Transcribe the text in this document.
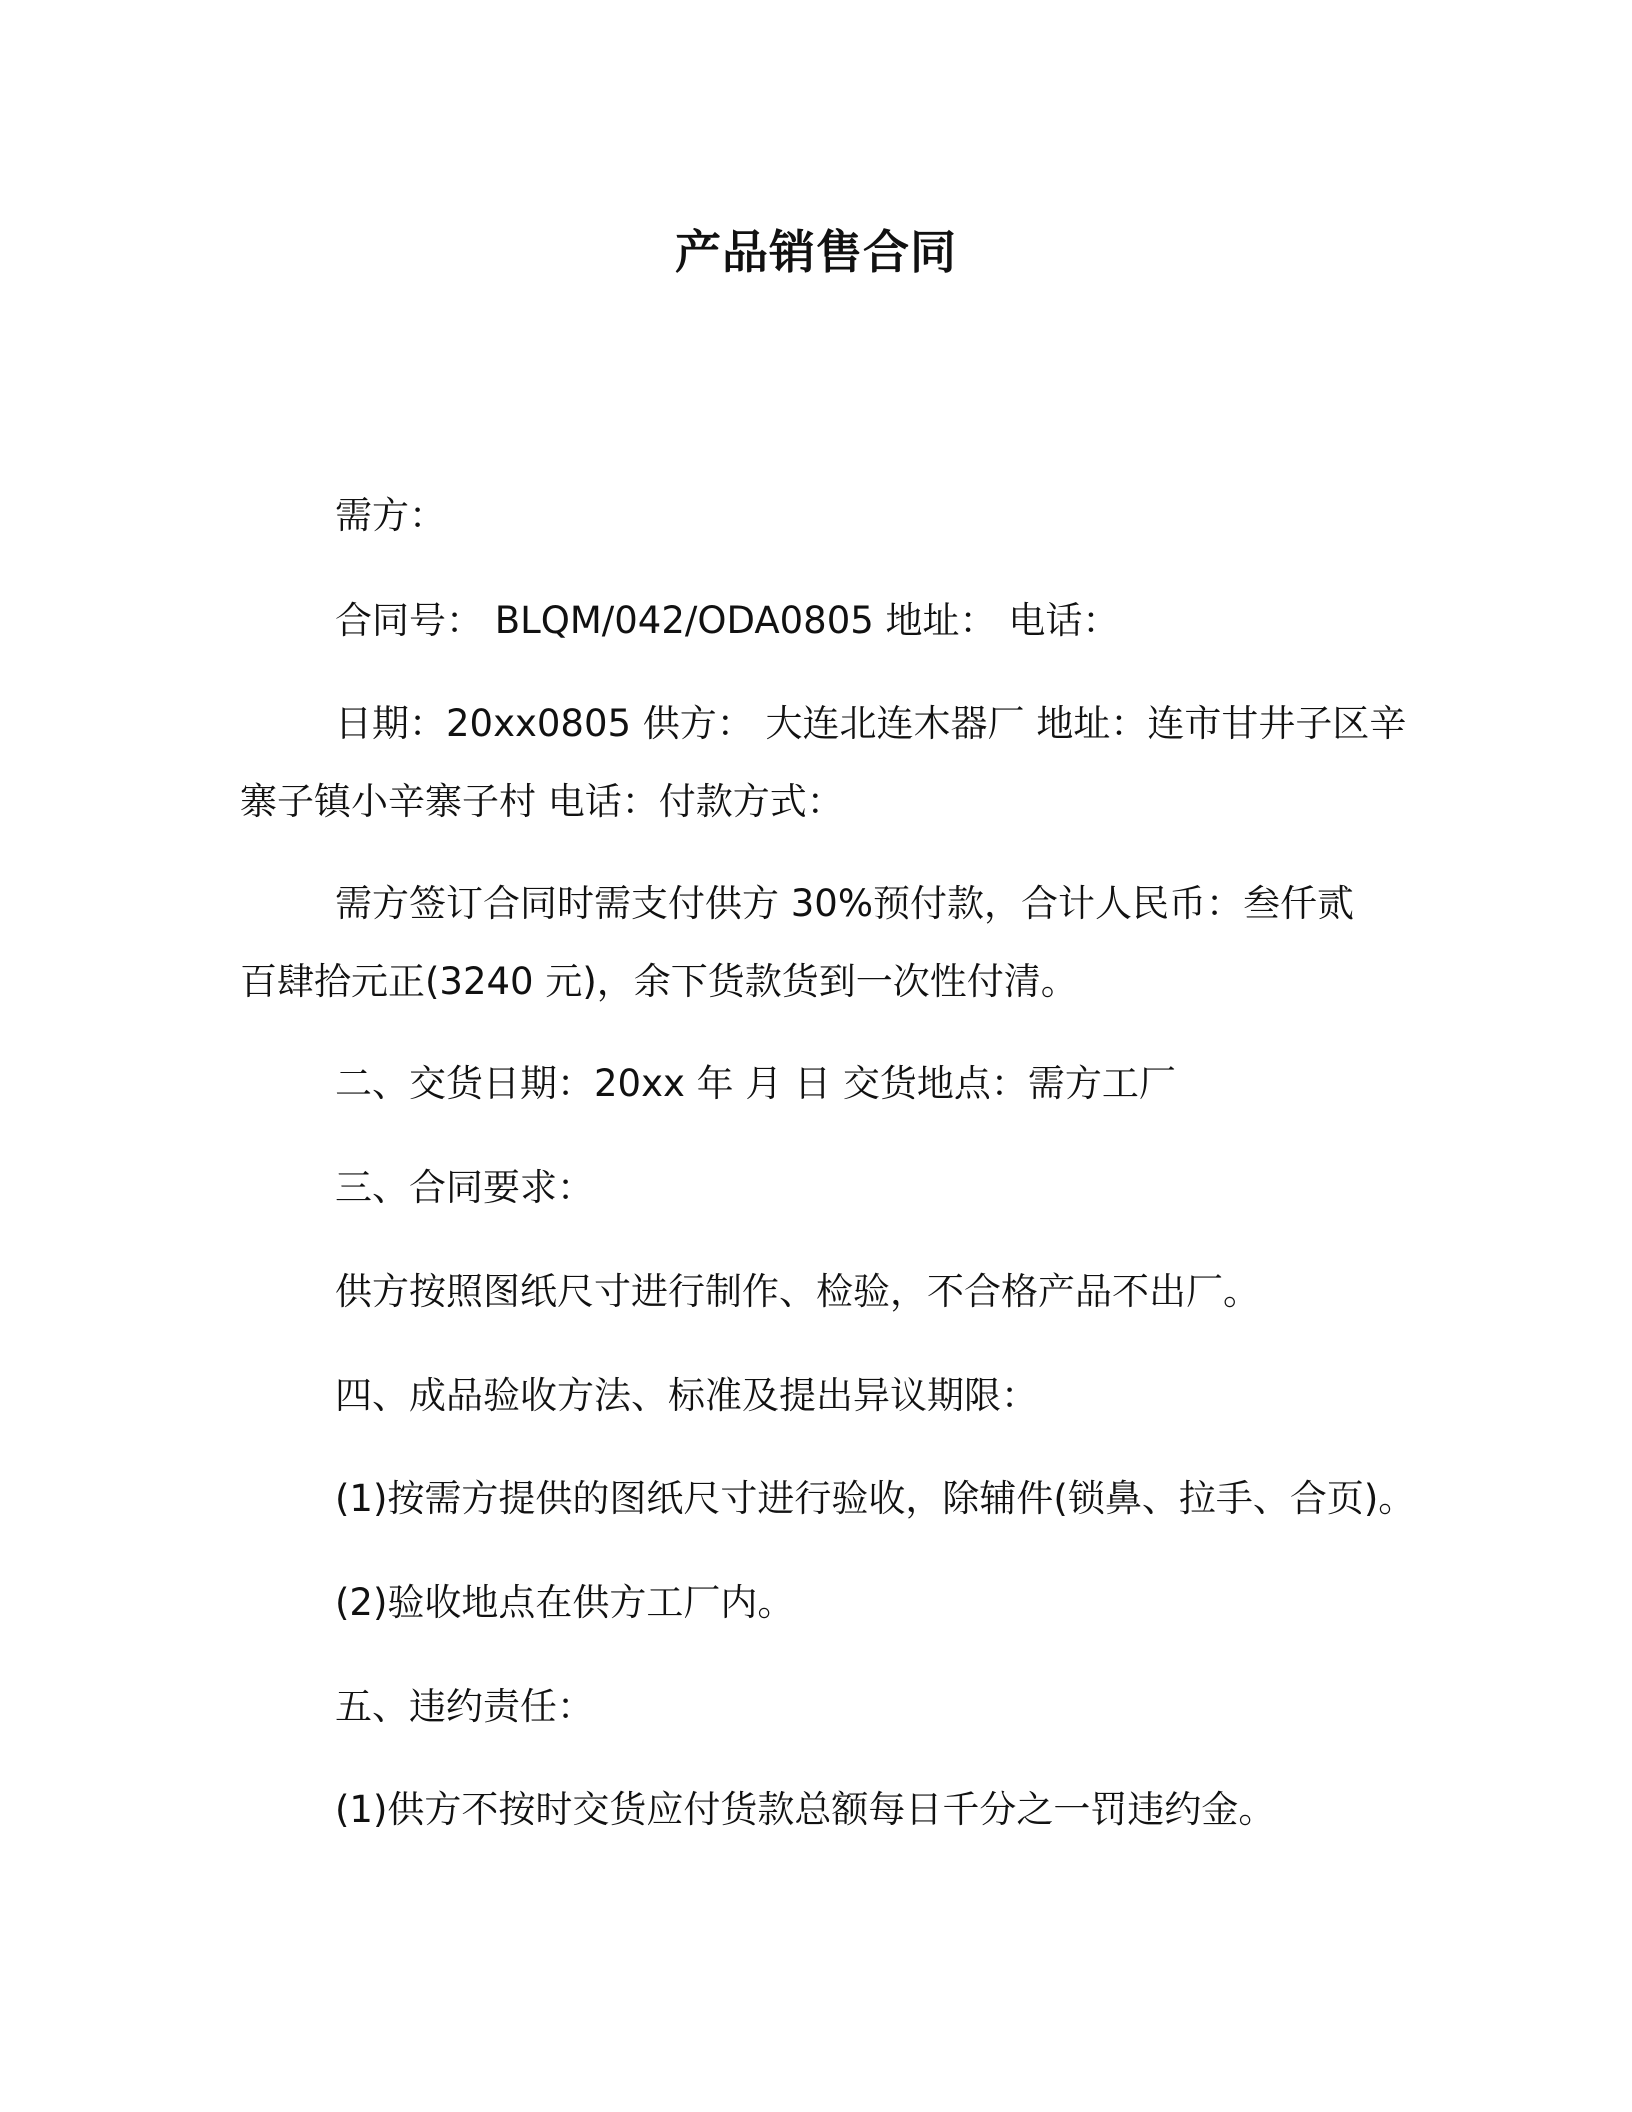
产品销售合同

需方：

合同号： BLQM/042/ODA0805 地址： 电话：

日期：20xx0805 供方： 大连北连木器厂 地址：连市甘井子区辛

寨子镇小辛寨子村 电话：付款方式：

需方签订合同时需支付供方 30%预付款，合计人民币：叁仟贰

百肆拾元正(3240 元)，余下货款货到一次性付清。

二、交货日期：20xx 年 月 日 交货地点：需方工厂

三、合同要求：

供方按照图纸尺寸进行制作、检验，不合格产品不出厂。

四、成品验收方法、标准及提出异议期限：

(1)按需方提供的图纸尺寸进行验收，除辅件(锁鼻、拉手、合页)。

(2)验收地点在供方工厂内。

五、违约责任：

(1)供方不按时交货应付货款总额每日千分之一罚违约金。
